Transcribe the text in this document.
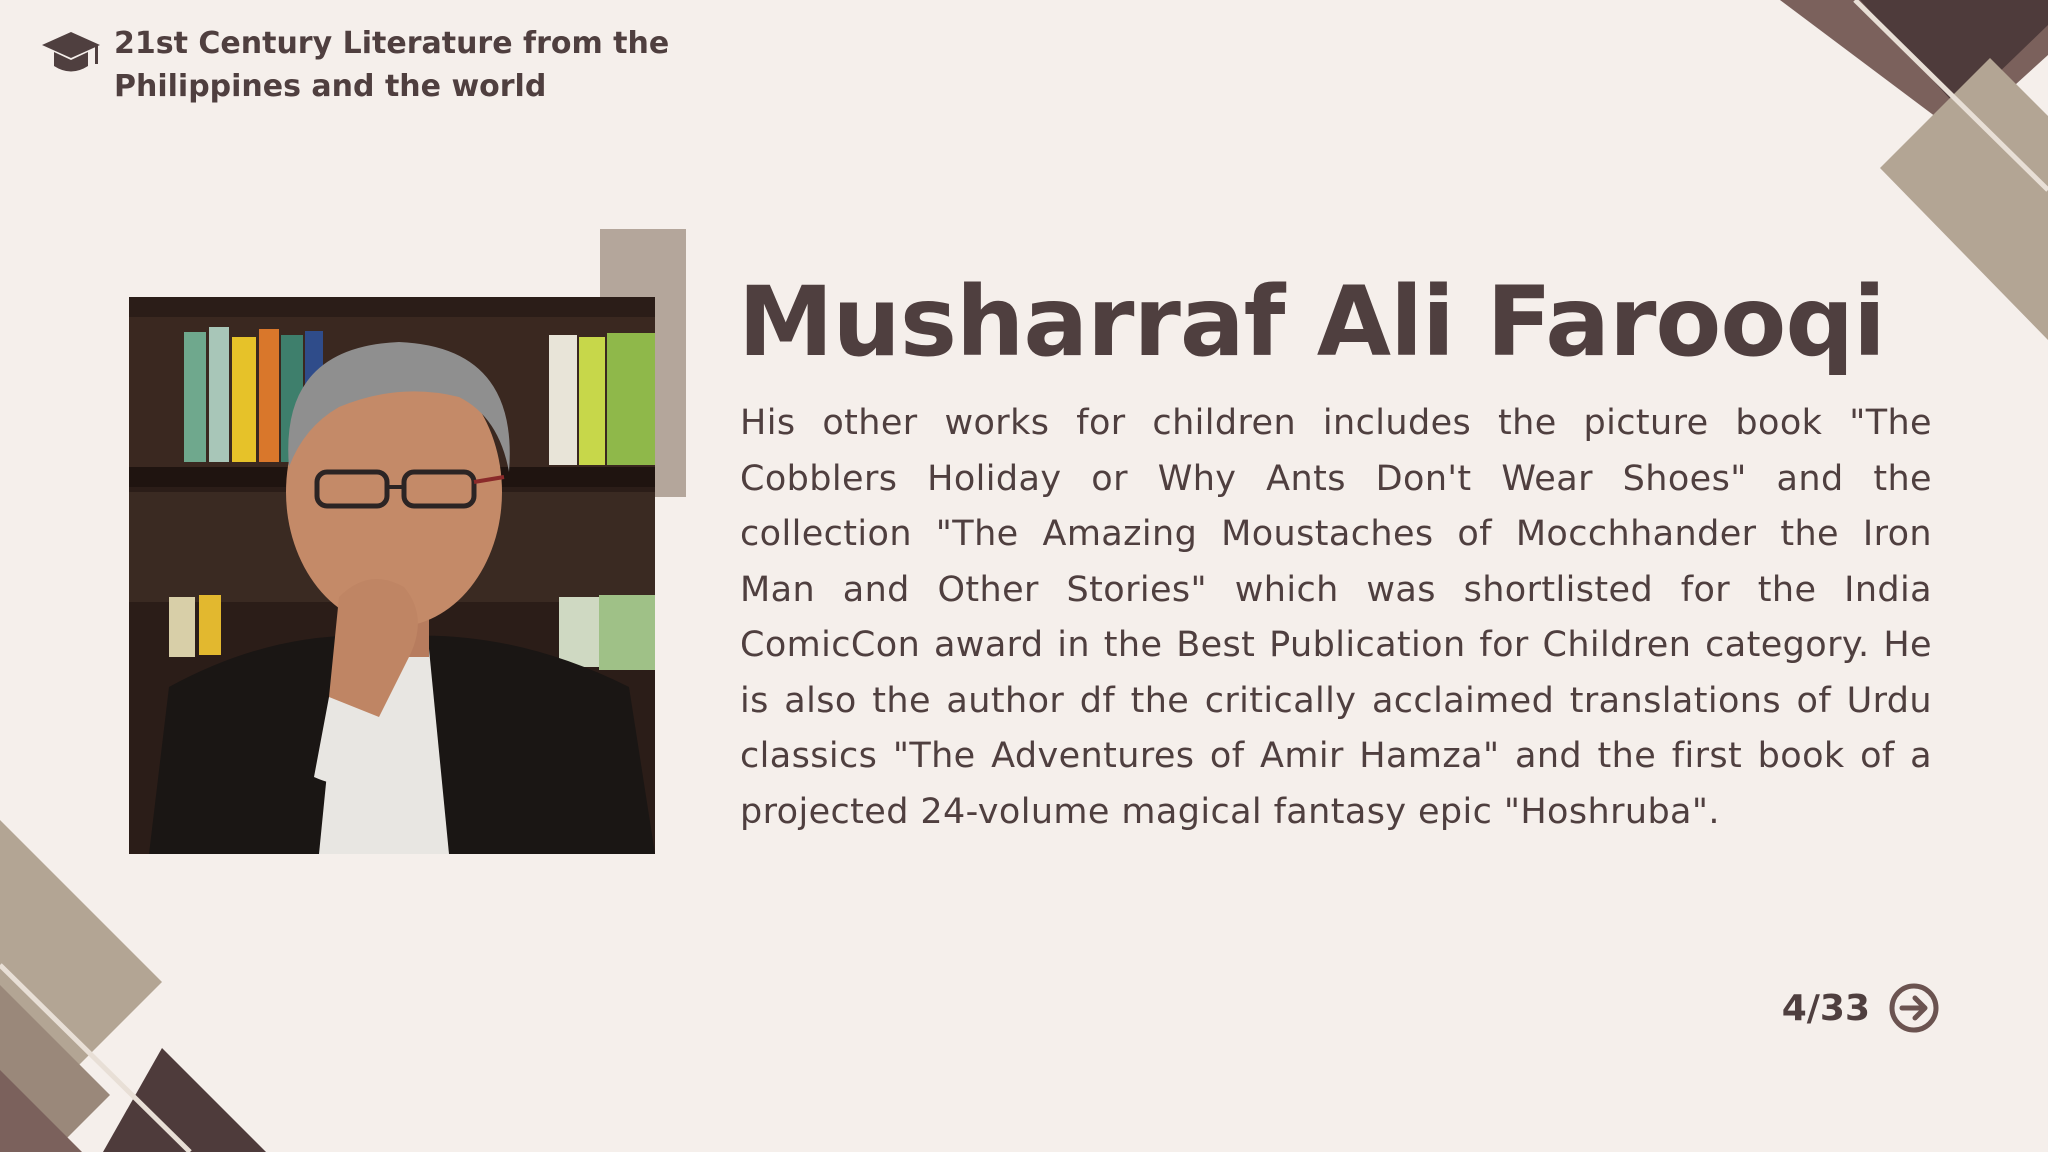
21st Century Literature from the Philippines and the world
Musharraf Ali Farooqi
His other works for children includes the picture book "The Cobblers Holiday or Why Ants Don't Wear Shoes" and the collection "The Amazing Moustaches of Mocchhander the Iron Man and Other Stories" which was shortlisted for the India ComicCon award in the Best Publication for Children category. He is also the author df the critically acclaimed translations of Urdu classics "The Adventures of Amir Hamza" and the first book of a projected 24-volume magical fantasy epic "Hoshruba".
4/33
